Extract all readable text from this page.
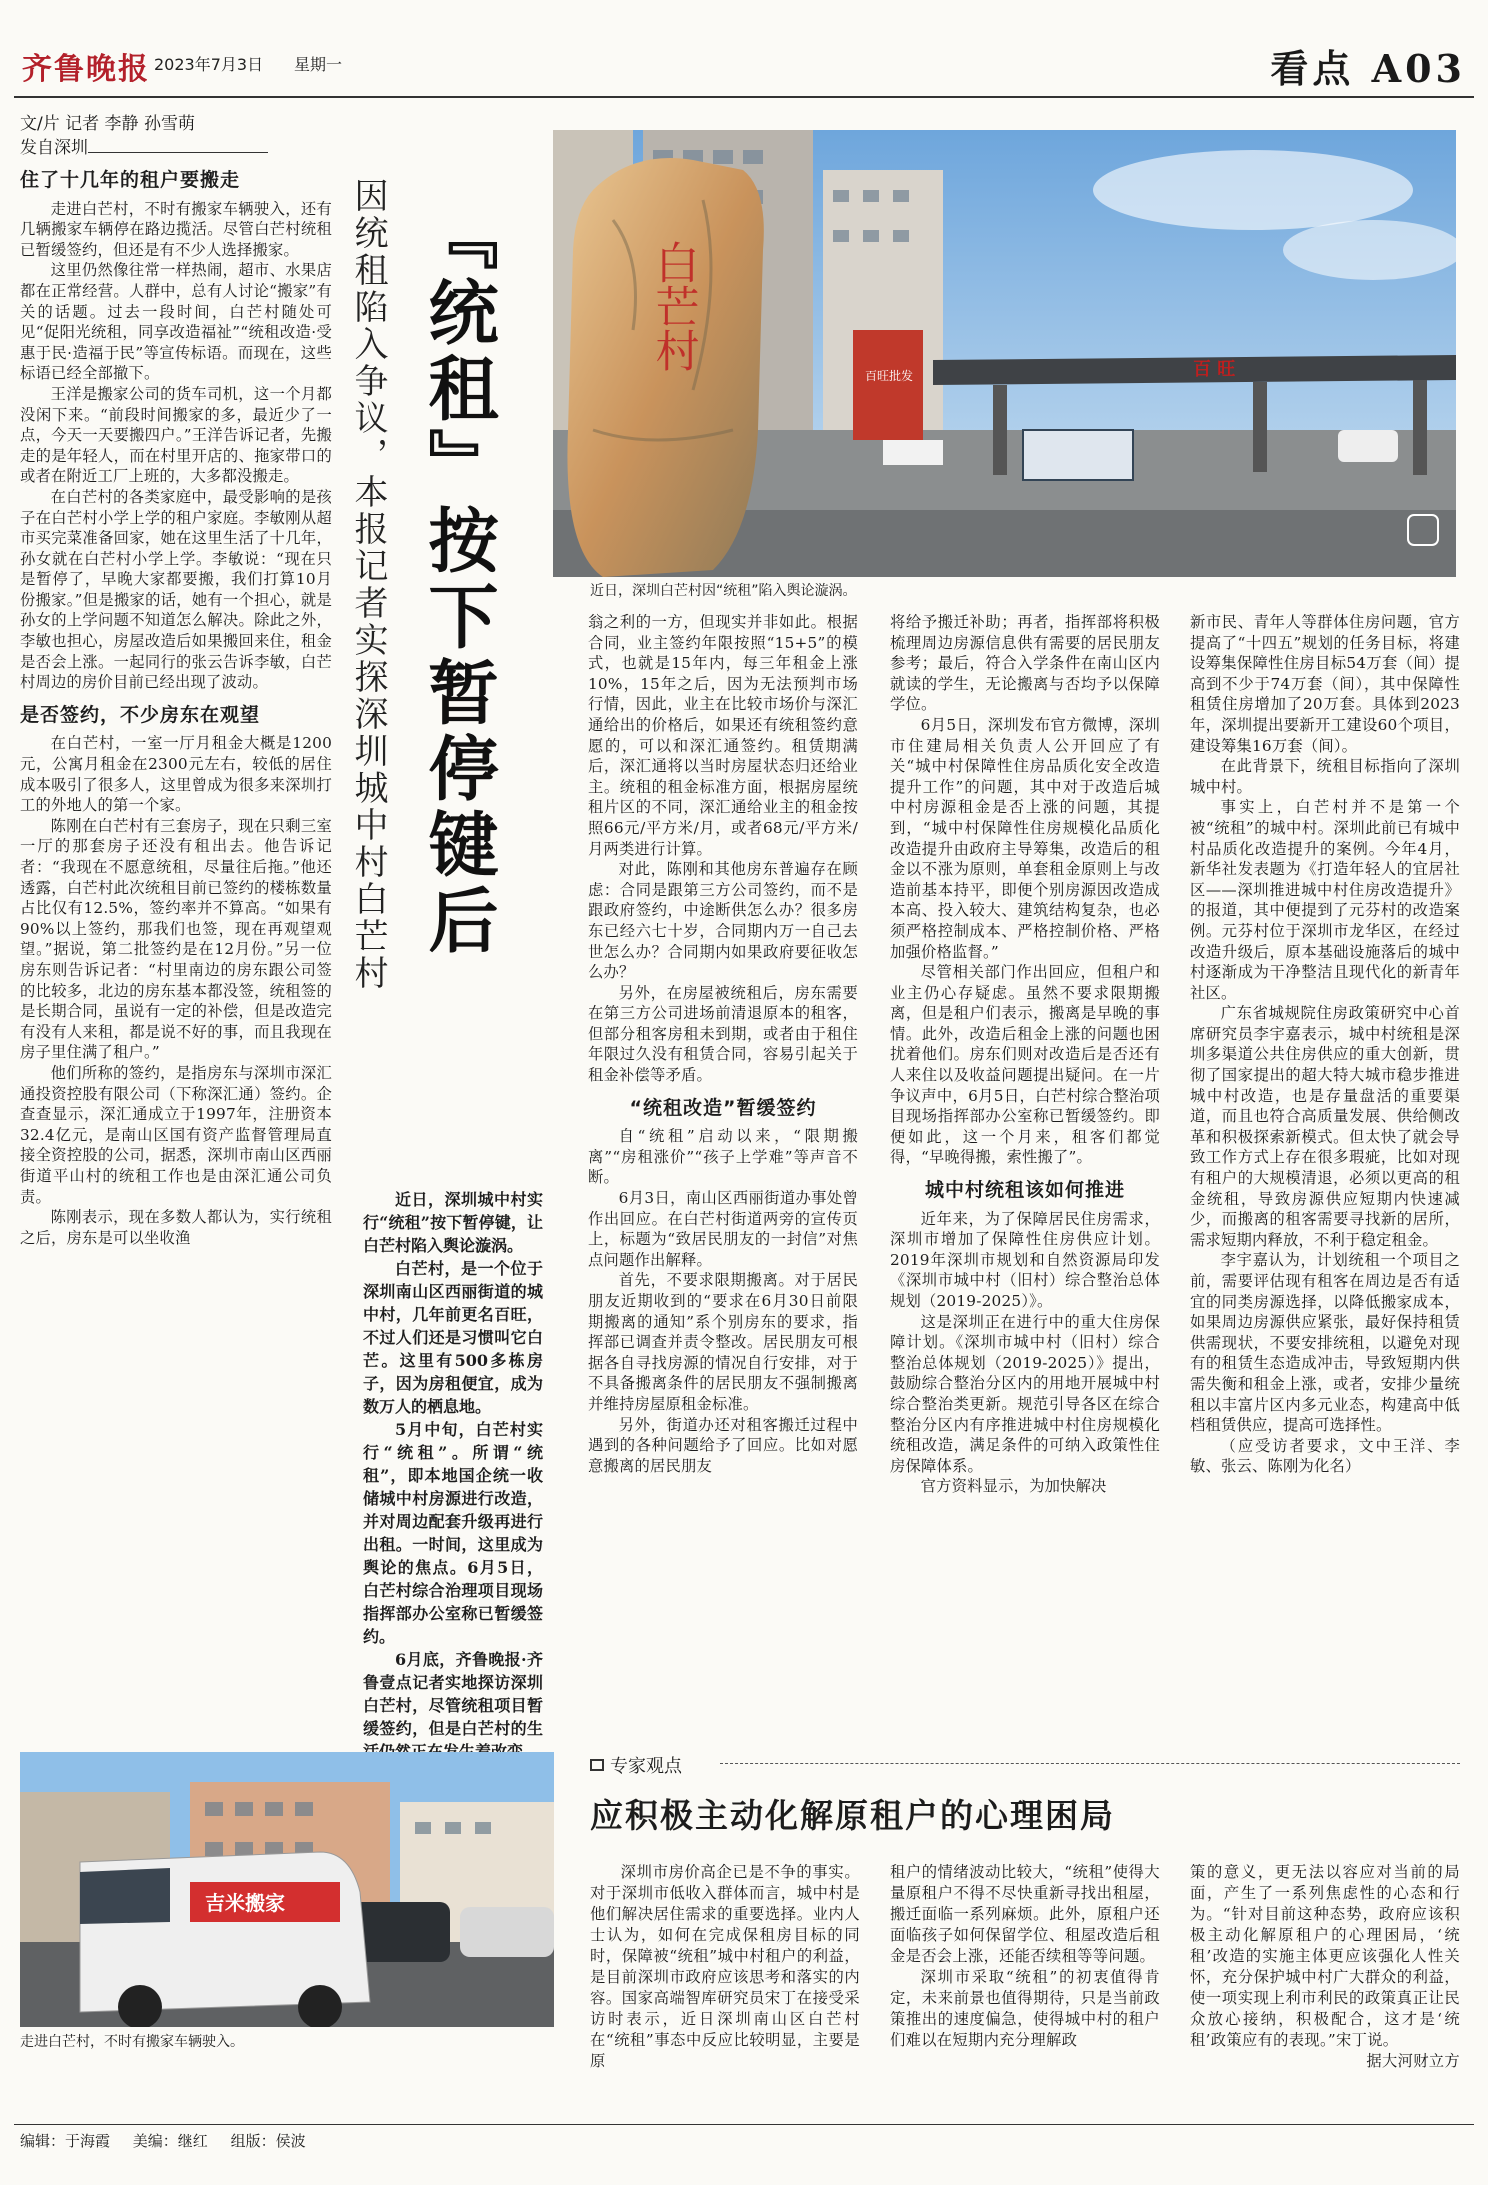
齐鲁晚报 2023年7月3日 星期一	看点 A03
文/片 记者 李静 孙雪萌
发自深圳
『统租』按下暂停键后
因统租陷入争议，本报记者实探深圳城中村白芒村	百 旺
百旺批发
白芒村
近日，深圳白芒村因“统租”陷入舆论漩涡。
住了十几年的租户要搬走

走进白芒村，不时有搬家车辆驶入，还有几辆搬家车辆停在路边揽活。尽管白芒村统租已暂缓签约，但还是有不少人选择搬家。

这里仍然像往常一样热闹，超市、水果店都在正常经营。人群中，总有人讨论“搬家”有关的话题。过去一段时间，白芒村随处可见“促阳光统租，同享改造福祉”“统租改造·受惠于民·造福于民”等宣传标语。而现在，这些标语已经全部撤下。

王洋是搬家公司的货车司机，这一个月都没闲下来。“前段时间搬家的多，最近少了一点，今天一天要搬四户。”王洋告诉记者，先搬走的是年轻人，而在村里开店的、拖家带口的或者在附近工厂上班的，大多都没搬走。

在白芒村的各类家庭中，最受影响的是孩子在白芒村小学上学的租户家庭。李敏刚从超市买完菜准备回家，她在这里生活了十几年，孙女就在白芒村小学上学。李敏说：“现在只是暂停了，早晚大家都要搬，我们打算10月份搬家。”但是搬家的话，她有一个担心，就是孙女的上学问题不知道怎么解决。除此之外，李敏也担心，房屋改造后如果搬回来住，租金是否会上涨。一起同行的张云告诉李敏，白芒村周边的房价目前已经出现了波动。

是否签约，不少房东在观望

在白芒村，一室一厅月租金大概是1200元，公寓月租金在2300元左右，较低的居住成本吸引了很多人，这里曾成为很多来深圳打工的外地人的第一个家。

陈刚在白芒村有三套房子，现在只剩三室一厅的那套房子还没有租出去。他告诉记者：“我现在不愿意统租，尽量往后拖。”他还透露，白芒村此次统租目前已签约的楼栋数量占比仅有12.5%，签约率并不算高。“如果有90%以上签约，那我们也签，现在再观望观望。”据说，第二批签约是在12月份。”另一位房东则告诉记者：“村里南边的房东跟公司签的比较多，北边的房东基本都没签，统租签的是长期合同，虽说有一定的补偿，但是改造完有没有人来租，都是说不好的事，而且我现在房子里住满了租户。”

他们所称的签约，是指房东与深圳市深汇通投资控股有限公司（下称深汇通）签约。企查查显示，深汇通成立于1997年，注册资本32.4亿元，是南山区国有资产监督管理局直接全资控股的公司，据悉，深圳市南山区西丽街道平山村的统租工作也是由深汇通公司负责。

陈刚表示，现在多数人都认为，实行统租之后，房东是可以坐收渔

近日，深圳城中村实行“统租”按下暂停键，让白芒村陷入舆论漩涡。

白芒村，是一个位于深圳南山区西丽街道的城中村，几年前更名百旺，不过人们还是习惯叫它白芒。这里有500多栋房子，因为房租便宜，成为数万人的栖息地。

5月中旬，白芒村实行“统租”。所谓“统租”，即本地国企统一收储城中村房源进行改造，并对周边配套升级再进行出租。一时间，这里成为舆论的焦点。6月5日，白芒村综合治理项目现场指挥部办公室称已暂缓签约。

6月底，齐鲁晚报·齐鲁壹点记者实地探访深圳白芒村，尽管统租项目暂缓签约，但是白芒村的生

翁之利的一方，但现实并非如此。根据合同，业主签约年限按照“15+5”的模式，也就是15年内，每三年租金上涨10%，15年之后，因为无法预判市场行情，因此，业主在比较市场价与深汇通给出的价格后，如果还有统租签约意愿的，可以和深汇通签约。租赁期满后，深汇通将以当时房屋状态归还给业主。统租的租金标准方面，根据房屋统租片区的不同，深汇通给业主的租金按照66元/平方米/月，或者68元/平方米/月两类进行计算。

对此，陈刚和其他房东普遍存在顾虑：合同是跟第三方公司签约，而不是跟政府签约，中途断供怎么办？很多房东已经六七十岁，合同期内万一自己去世怎么办？合同期内如果政府要征收怎么办？

另外，在房屋被统租后，房东需要在第三方公司进场前清退原本的租客，但部分租客房租未到期，或者由于租住年限过久没有租赁合同，容易引起关于租金补偿等矛盾。

“统租改造”暂缓签约

自“统租”启动以来，“限期搬离”“房租涨价”“孩子上学难”等声音不断。

6月3日，南山区西丽街道办事处曾作出回应。在白芒村街道两旁的宣传页上，标题为“致居民朋友的一封信”对焦点问题作出解释。

首先，不要求限期搬离。对于居民朋友近期收到的“要求在6月30日前限期搬离的通知”系个别房东的要求，指挥部已调查并责令整改。居民朋友可根据各自寻找房源的情况自行安排，对于不具备搬离条件的居民朋友不强制搬离并维持房屋原租金标准。

另外，街道办还对租客搬迁过程中遇到的各种问题给予了回应。比如对愿意搬离的居民朋友

将给予搬迁补助；再者，指挥部将积极梳理周边房源信息供有需要的居民朋友参考；最后，符合入学条件在南山区内就读的学生，无论搬离与否均予以保障学位。

6月5日，深圳发布官方微博，深圳市住建局相关负责人公开回应了有关“城中村保障性住房品质化安全改造提升工作”的问题，其中对于改造后城中村房源租金是否上涨的问题，其提到，“城中村保障性住房规模化品质化改造提升由政府主导筹集，改造后的租金以不涨为原则，单套租金原则上与改造前基本持平，即便个别房源因改造成本高、投入较大、建筑结构复杂，也必须严格控制成本、严格控制价格、严格加强价格监督。”

尽管相关部门作出回应，但租户和业主仍心存疑虑。虽然不要求限期搬离，但是租户们表示，搬离是早晚的事情。此外，改造后租金上涨的问题也困扰着他们。房东们则对改造后是否还有人来住以及收益问题提出疑问。在一片争议声中，6月5日，白芒村综合整治项目现场指挥部办公室称已暂缓签约。即便如此，这一个月来，租客们都觉得，“早晚得搬，索性搬了”。

城中村统租该如何推进

近年来，为了保障居民住房需求，深圳市增加了保障性住房供应计划。2019年深圳市规划和自然资源局印发《深圳市城中村（旧村）综合整治总体规划（2019-2025）》。

这是深圳正在进行中的重大住房保障计划。《深圳市城中村（旧村）综合整治总体规划（2019-2025）》提出，鼓励综合整治分区内的用地开展城中村综合整治类更新。规范引导各区在综合整治分区内有序推进城中村住房规模化统租改造，满足条件的可纳入政策性住房保障体系。

官方资料显示，为加快解决

新市民、青年人等群体住房问题，官方提高了“十四五”规划的任务目标，将建设筹集保障性住房目标54万套（间）提高到不少于74万套（间），其中保障性租赁住房增加了20万套。具体到2023年，深圳提出要新开工建设60个项目，建设筹集16万套（间）。

在此背景下，统租目标指向了深圳城中村。

事实上，白芒村并不是第一个被“统租”的城中村。深圳此前已有城中村品质化改造提升的案例。今年4月，新华社发表题为《打造年轻人的宜居社区——深圳推进城中村住房改造提升》的报道，其中便提到了元芬村的改造案例。元芬村位于深圳市龙华区，在经过改造升级后，原本基础设施落后的城中村逐渐成为干净整洁且现代化的新青年社区。

广东省城规院住房政策研究中心首席研究员李宇嘉表示，城中村统租是深圳多渠道公共住房供应的重大创新，贯彻了国家提出的超大特大城市稳步推进城中村改造，也是存量盘活的重要渠道，而且也符合高质量发展、供给侧改革和积极探索新模式。但太快了就会导致工作方式上存在很多瑕疵，比如对现有租户的大规模清退，必须以更高的租金统租，导致房源供应短期内快速减少，而搬离的租客需要寻找新的居所，需求短期内释放，不利于稳定租金。

李宇嘉认为，计划统租一个项目之前，需要评估现有租客在周边是否有适宜的同类房源选择，以降低搬家成本，如果周边房源供应紧张，最好保持租赁供需现状，不要安排统租，以避免对现有的租赁生态造成冲击，导致短期内供需失衡和租金上涨，或者，安排少量统租以丰富片区内多元业态，构建高中低档租赁供应，提高可选择性。

（应受访者要求，文中王洋、李敏、张云、陈刚为化名）

吉米搬家
走进白芒村，不时有搬家车辆驶入。
专家观点
应积极主动化解原租户的心理困局

深圳市房价高企已是不争的事实。对于深圳市低收入群体而言，城中村是他们解决居住需求的重要选择。业内人士认为，如何在完成保租房目标的同时，保障被“统租”城中村租户的利益，是目前深圳市政府应该思考和落实的内容。国家高端智库研究员宋丁在接受采访时表示，近日深圳南山区白芒村在“统租”事态中反应比较明显，主要是原

租户的情绪波动比较大，“统租”使得大量原租户不得不尽快重新寻找出租屋，搬迁面临一系列麻烦。此外，原租户还面临孩子如何保留学位、租屋改造后租金是否会上涨，还能否续租等等问题。

深圳市采取“统租”的初衷值得肯定，未来前景也值得期待，只是当前政策推出的速度偏急，使得城中村的租户们难以在短期内充分理解政

策的意义，更无法以容应对当前的局面，产生了一系列焦虑性的心态和行为。“针对目前这种态势，政府应该积极主动化解原租户的心理困局，‘统租’改造的实施主体更应该强化人性关怀，充分保护城中村广大群众的利益，使一项实现上利市利民的政策真正让民众放心接纳，积极配合，这才是‘统租’政策应有的表现。”宋丁说。

据大河财立方

编辑：于海霞 美编：继红 组版：侯波
